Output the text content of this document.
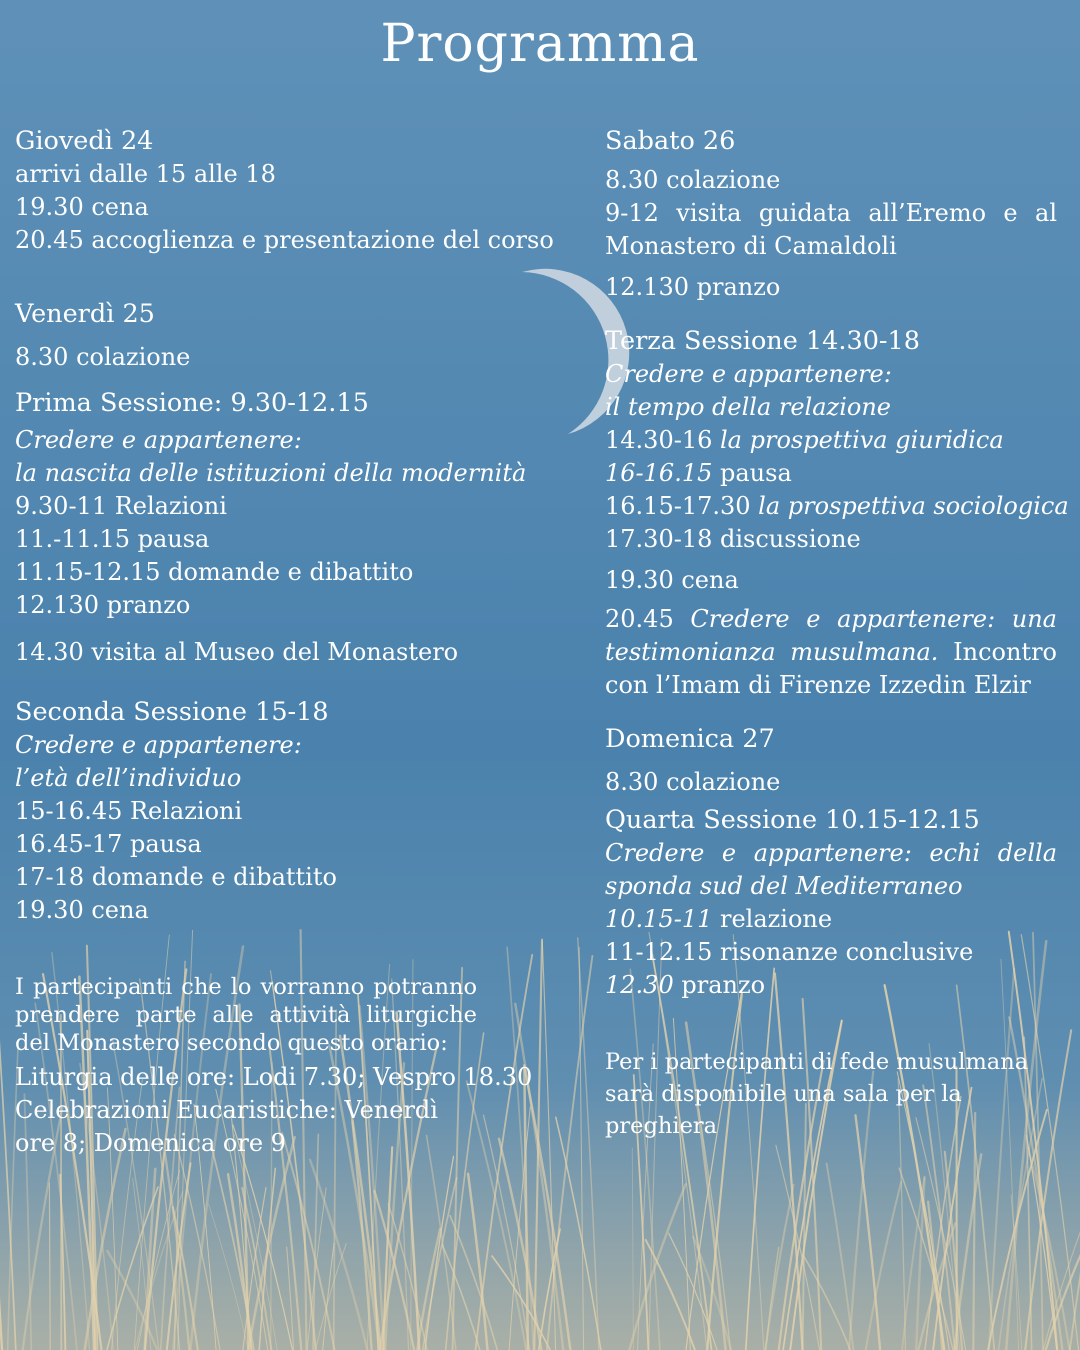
Programma
Giovedì 24
arrivi dalle 15 alle 18
19.30 cena
20.45 accoglienza e presentazione del corso
Venerdì 25
8.30 colazione
Prima Sessione: 9.30-12.15
Credere e appartenere:
la nascita delle istituzioni della modernità
9.30-11 Relazioni
11.-11.15 pausa
11.15-12.15 domande e dibattito
12.130 pranzo
14.30 visita al Museo del Monastero
Seconda Sessione 15-18
Credere e appartenere:
l’età dell’individuo
15-16.45 Relazioni
16.45-17 pausa
17-18 domande e dibattito
19.30 cena
I partecipanti che lo vorranno potranno prendere parte alle attività liturgiche del Monastero secondo questo orario:
Liturgia delle ore: Lodi 7.30; Vespro 18.30
Celebrazioni Eucaristiche: Venerdì ore 8; Domenica ore 9
Sabato 26
8.30 colazione
9-12 visita guidata all’Eremo e al Monastero di Camaldoli
12.130 pranzo
Terza Sessione 14.30-18
Credere e appartenere:
il tempo della relazione
14.30-16 la prospettiva giuridica
16-16.15 pausa
16.15-17.30 la prospettiva sociologica
17.30-18 discussione
19.30 cena
20.45 Credere e appartenere: una testimonianza musulmana. Incontro con l’Imam di Firenze Izzedin Elzir
Domenica 27
8.30 colazione
Quarta Sessione 10.15-12.15
Credere e appartenere: echi della sponda sud del Mediterraneo
10.15-11 relazione
11-12.15 risonanze conclusive
12.30 pranzo
Per i partecipanti di fede musulmana sarà disponibile una sala per la preghiera
